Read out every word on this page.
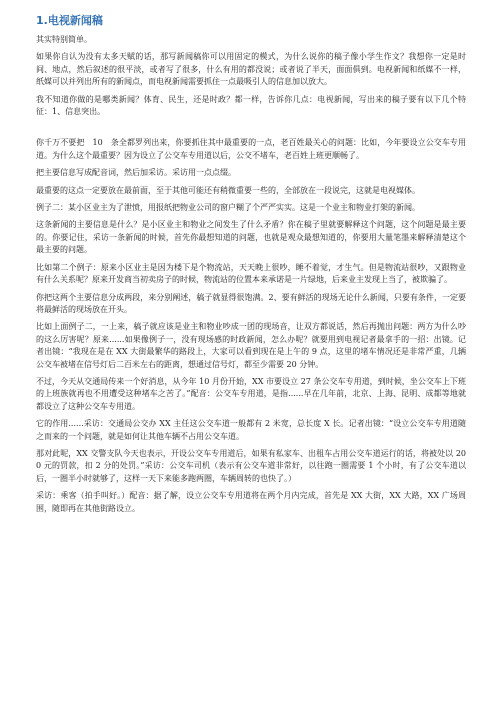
1.电视新闻稿

其实特别简单。

如果你自认为没有太多天赋的话，那写新闻稿你可以用固定的模式，为什么说你的稿子像小学生作文？我想你一定是时间、地点，然后叙述的很平淡，或者写了很多，什么有用的都没说；或者说了半天，面面俱到。电视新闻和纸媒不一样，纸媒可以并列出所有的新闻点，而电视新闻需要抓住一点最吸引人的信息加以放大。

我不知道你做的是哪类新闻？体育、民生，还是时政？都一样，告诉你几点：电视新闻，写出来的稿子要有以下几个特征：1、信息突出。

你千万不要把　10　条全都罗列出来，你要抓住其中最重要的一点，老百姓最关心的问题：比如，今年要设立公交车专用道。为什么这个最重要？因为设立了公交车专用道以后，公交不堵车，老百姓上班更顺畅了。

把主要信息写成配音词，然后加采访。采访用一点点缀。

最重要的这点一定要放在最前面，至于其他可能还有稍微重要一些的，全部放在一段说完，这就是电视媒体。

例子二：某小区业主为了泄愤，用报纸把物业公司的窗户糊了个严严实实。这是一个业主和物业打架的新闻。

这条新闻的主要信息是什么？是小区业主和物业之间发生了什么矛盾？你在稿子里就要解释这个问题，这个问题是最主要的。你要记住，采访一条新闻的时候，首先你最想知道的问题，也就是观众最想知道的，你要用大量笔墨来解释清楚这个最主要的问题。

比如第二个例子：原来小区业主是因为楼下是个物流站，天天晚上很吵，睡不着觉，才生气。但是物流站很吵，又跟物业有什么关系呢？原来开发商当初卖房子的时候，物流站的位置本来承诺是一片绿地，后来业主发现上当了，被欺骗了。

你把这两个主要信息分成两段，来分别阐述，稿子就显得很饱满。2、要有鲜活的现场无论什么新闻，只要有条件，一定要将最鲜活的现场放在开头。

比如上面例子二，一上来，稿子就应该是业主和物业吵成一团的现场音，让双方都说话，然后再抛出问题：两方为什么吵的这么厉害呢？原来......如果像例子一，没有现场感的时政新闻，怎么办呢？就要用到电视记者最拿手的一招：出镜。记者出镜：“我现在是在 XX 大街最繁华的路段上，大家可以看到现在是上午的 9 点，这里的堵车情况还是非常严重，几辆公交车被堵在信号灯后二百米左右的距离，想通过信号灯，都至少需要 20 分钟。

不过，今天从交通局传来一个好消息，从今年 10 月份开始，XX 市要设立 27 条公交车专用道，到时候，坐公交车上下班的上班族就再也不用遭受这种堵车之苦了。”配音：公交车专用道，是指......早在几年前，北京、上海、昆明、成都等地就都设立了这种公交车专用道。

它的作用......采访：交通局公交办 XX 主任这公交车道一般都有 2 米宽，总长度 X 长。记者出镜：“设立公交车专用道随之而来的一个问题，就是如何让其他车辆不占用公交车道。

那对此呢，XX 交警支队今天也表示，开设公交车专用道后，如果有私家车、出租车占用公交车道运行的话，将被处以 200 元的罚款，扣 2 分的处罚。”采访：公交车司机（表示有公交车道非常好，以往跑一圈需要 1 个小时，有了公交车道以后，一圈半小时就够了，这样一天下来能多跑两圈，车辆周转的也快了。）

采访：乘客（拍手叫好。）配音：据了解，设立公交车专用道将在两个月内完成，首先是 XX 大街，XX 大路，XX 广场周围，随即再在其他街路设立。
